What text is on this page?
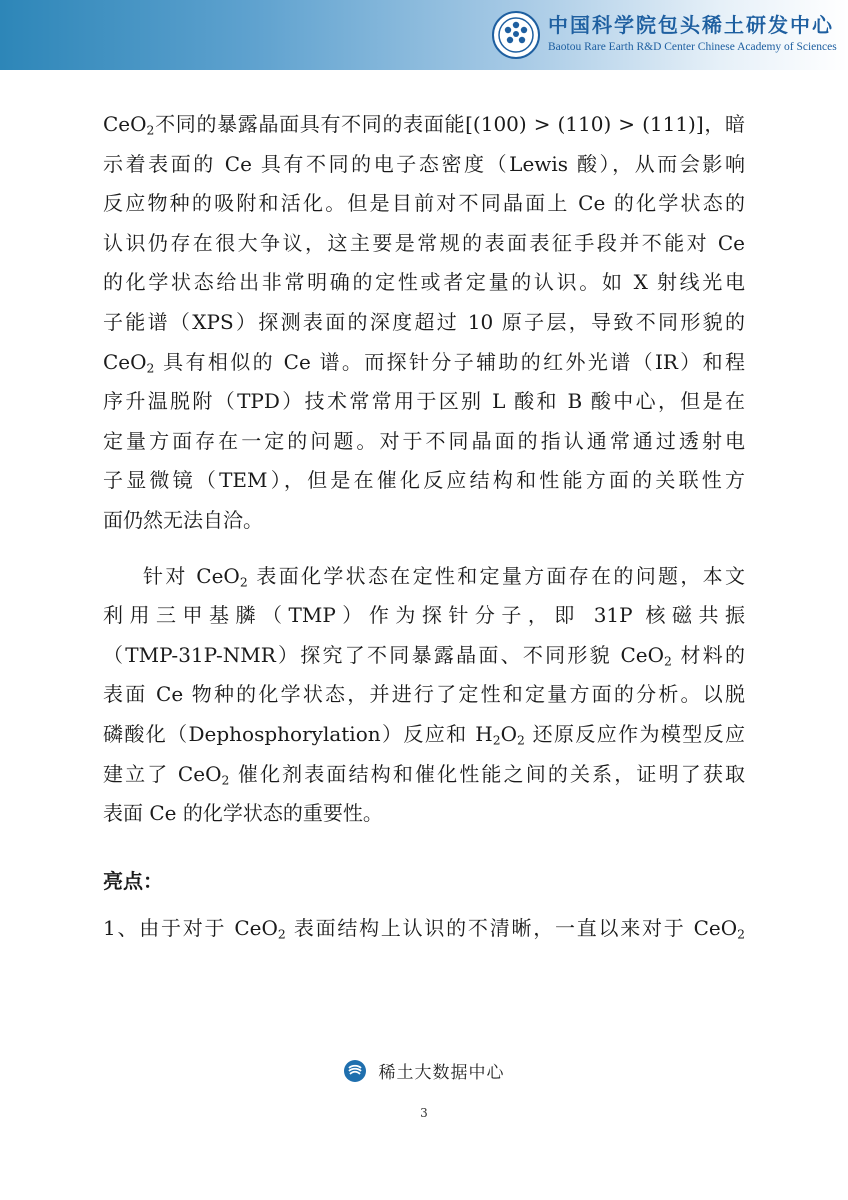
中国科学院包头稀土研发中心
Baotou Rare Earth R&D Center Chinese Academy of Sciences
CeO$_2$不同的暴露晶面具有不同的表面能[(100) > (110) > (111)]，暗
示着表面的 Ce 具有不同的电子态密度（Lewis 酸），从而会影响
反应物种的吸附和活化。但是目前对不同晶面上 Ce 的化学状态的
认识仍存在很大争议，这主要是常规的表面表征手段并不能对 Ce
的化学状态给出非常明确的定性或者定量的认识。如 X 射线光电
子能谱（XPS）探测表面的深度超过 10 原子层，导致不同形貌的
CeO$_2$ 具有相似的 Ce 谱。而探针分子辅助的红外光谱（IR）和程
序升温脱附（TPD）技术常常用于区别 L 酸和 B 酸中心，但是在
定量方面存在一定的问题。对于不同晶面的指认通常通过透射电
子显微镜（TEM），但是在催化反应结构和性能方面的关联性方
面仍然无法自洽。
针对 CeO$_2$ 表面化学状态在定性和定量方面存在的问题，本文
利用三甲基膦（TMP）作为探针分子，即 31P 核磁共振
（TMP-31P-NMR）探究了不同暴露晶面、不同形貌 CeO$_2$ 材料的
表面 Ce 物种的化学状态，并进行了定性和定量方面的分析。以脱
磷酸化（Dephosphorylation）反应和 $H_2O_2$ 还原反应作为模型反应
建立了 CeO$_2$ 催化剂表面结构和催化性能之间的关系，证明了获取
表面 Ce 的化学状态的重要性。
亮点：
1、由于对于 CeO$_2$ 表面结构上认识的不清晰，一直以来对于 CeO$_2$
稀土大数据中心
3
